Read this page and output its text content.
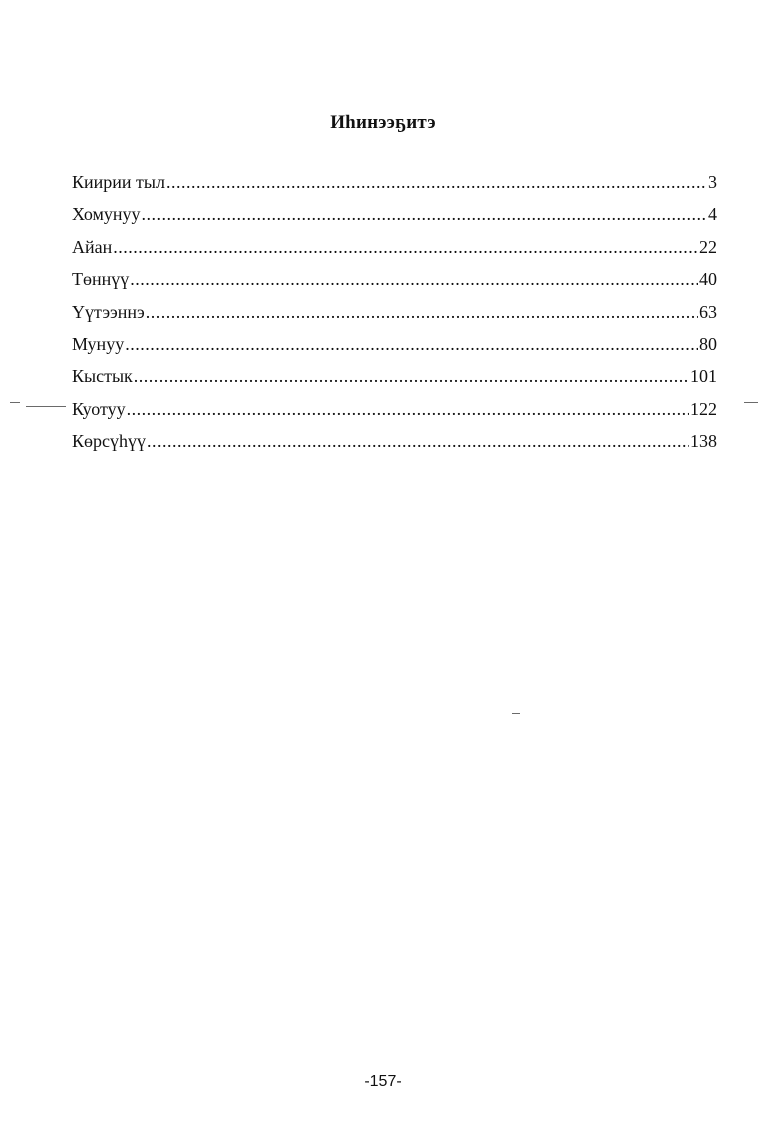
Иһинээҕитэ
Киирии тыл .....	3
Хомунуу .....	4
Айан .....	22
Төннүү .....	40
Үүтээннэ .....	63
Мунуу .....	80
Кыстык .....	101
Куотуу .....	122
Көрсүһүү .....	138
-157-
